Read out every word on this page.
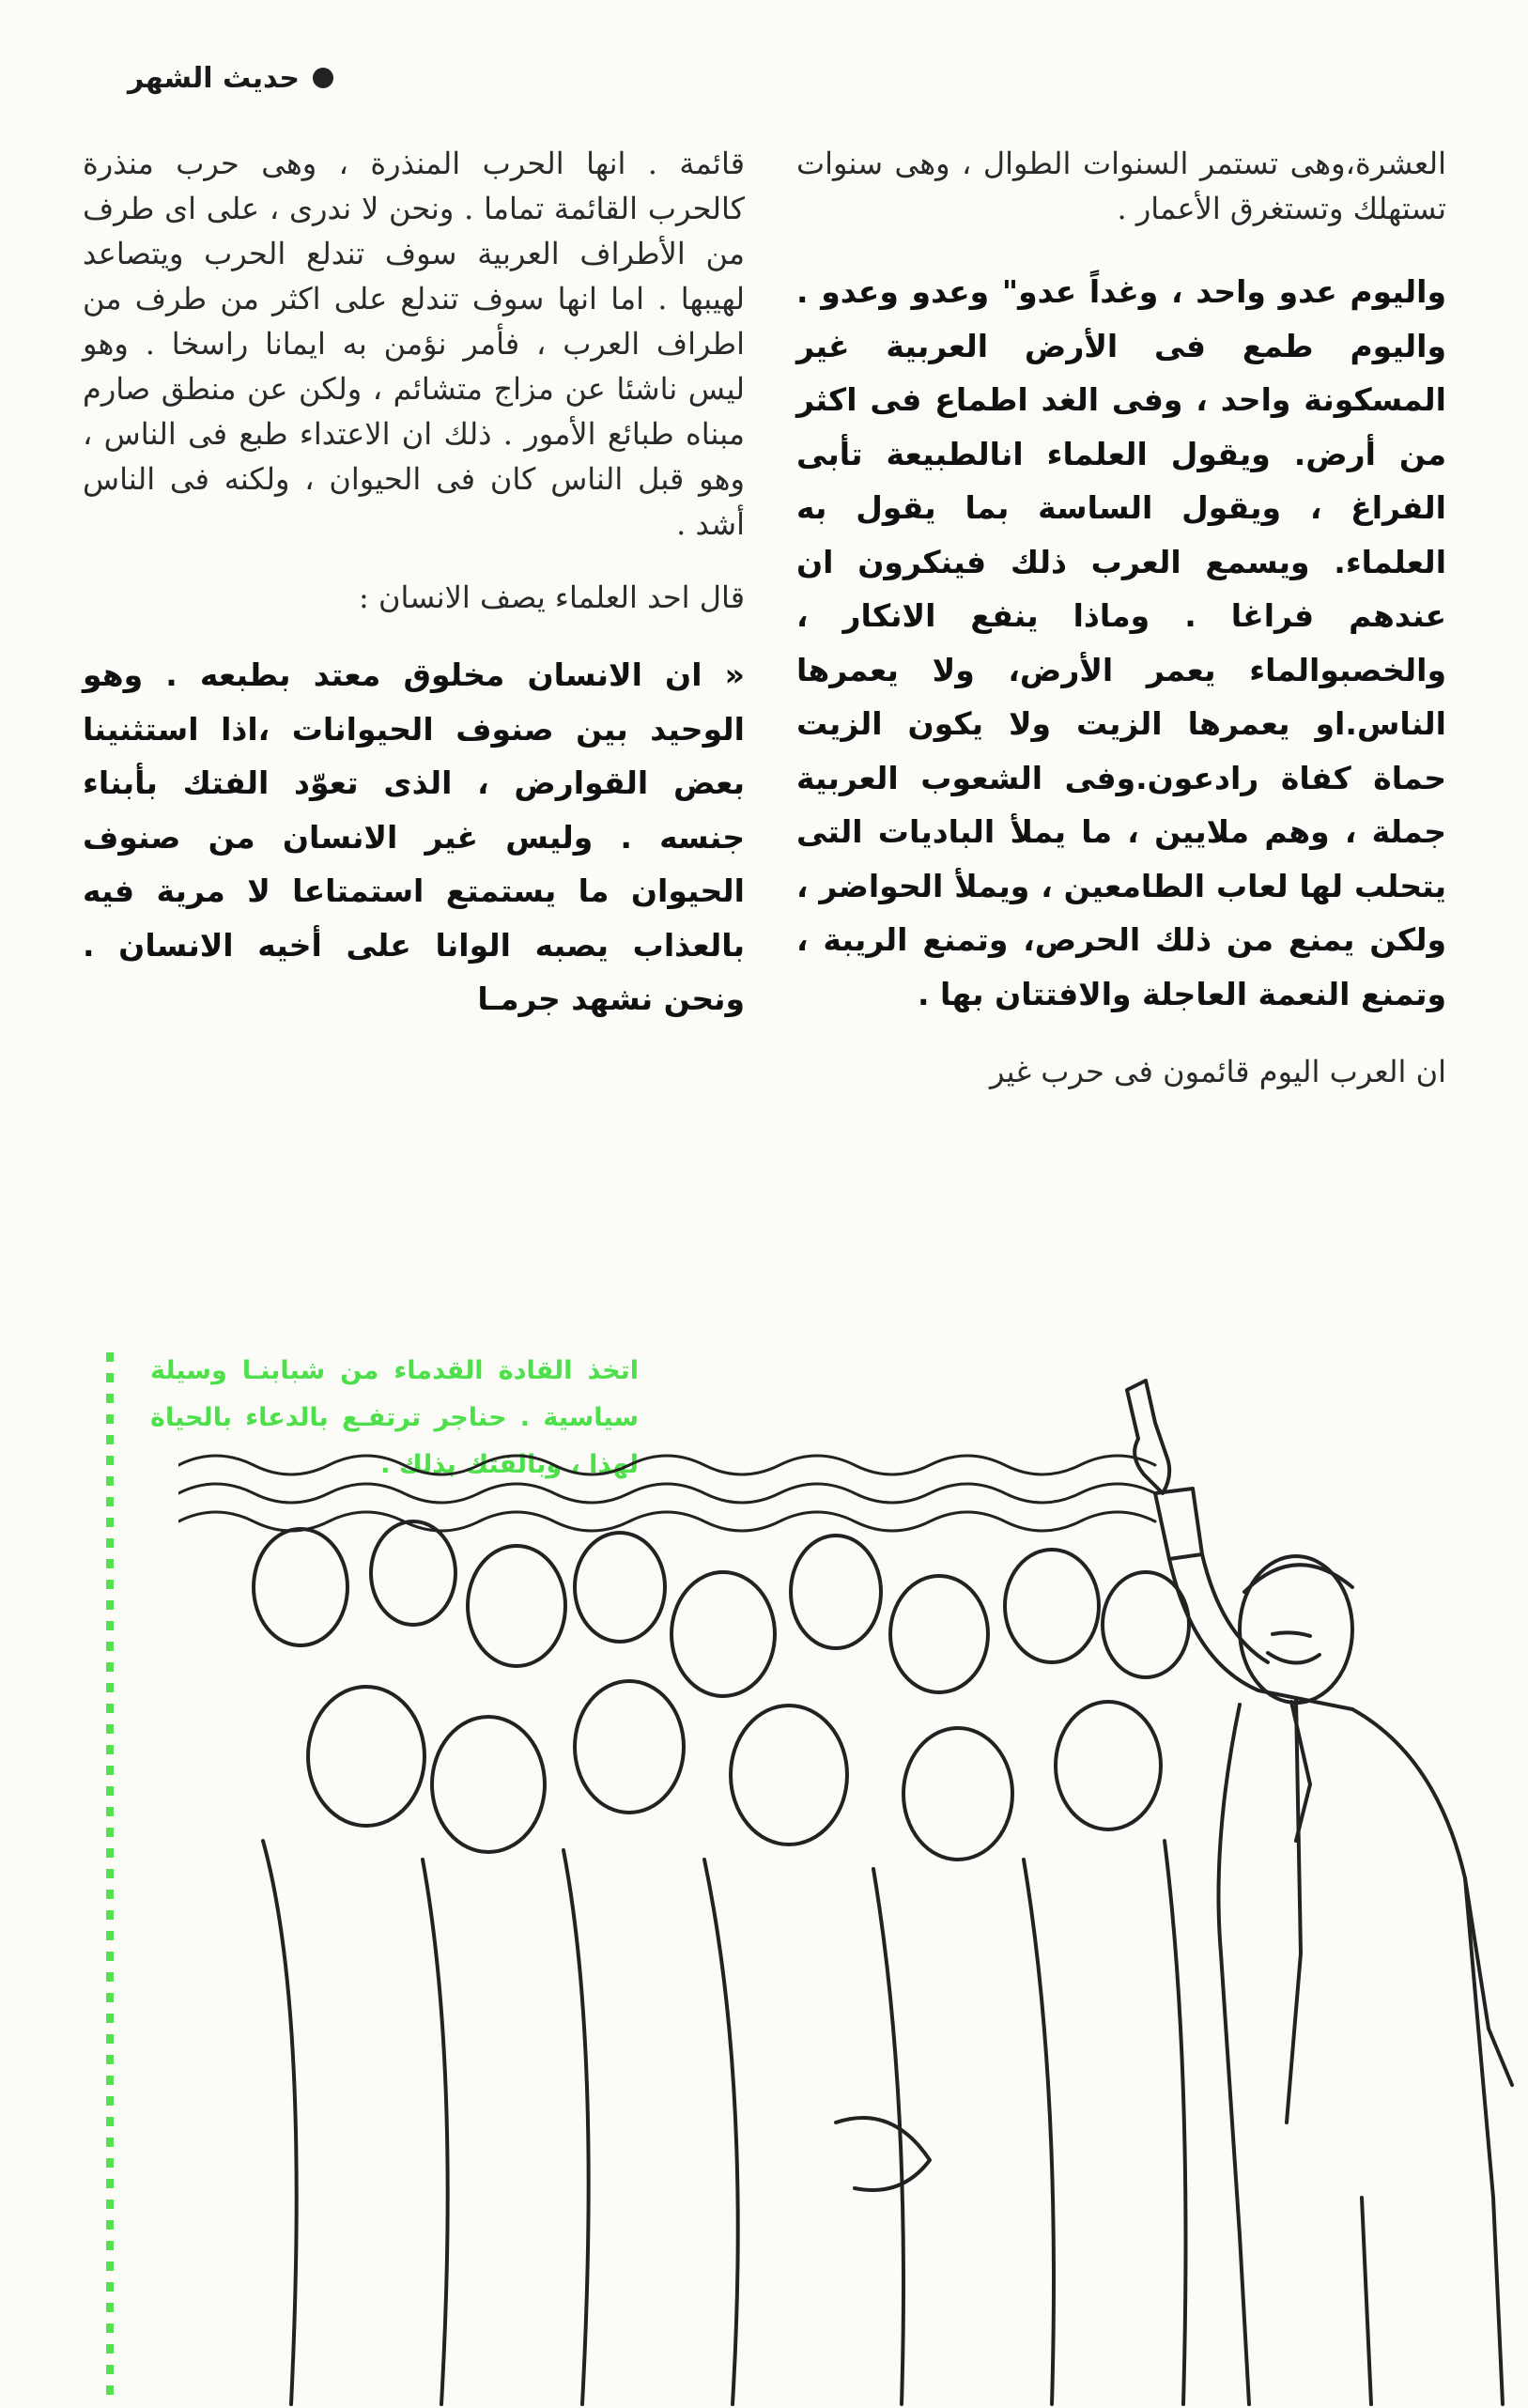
حديث الشهر

العشرة،وهى تستمر السنوات الطوال ، وهى سنوات تستهلك وتستغرق الأعمار .

واليوم عدو واحد ، وغداً عدو" وعدو وعدو . واليوم طمع فى الأرض العربية غير المسكونة واحد ، وفى الغد اطماع فى اكثر من أرض. ويقول العلماء انالطبيعة تأبى الفراغ ، ويقول الساسة بما يقول به العلماء. ويسمع العرب ذلك فينكرون ان عندهم فراغا . وماذا ينفع الانكار ، والخصبوالماء يعمر الأرض، ولا يعمرها الناس.او يعمرها الزيت ولا يكون الزيت حماة كفاة رادعون.وفى الشعوب العربية جملة ، وهم ملايين ، ما يملأ الباديات التى يتحلب لها لعاب الطامعين ، ويملأ الحواضر ، ولكن يمنع من ذلك الحرص، وتمنع الريبة ، وتمنع النعمة العاجلة والافتتان بها .

ان العرب اليوم قائمون فى حرب غير

قائمة . انها الحرب المنذرة ، وهى حرب منذرة كالحرب القائمة تماما . ونحن لا ندرى ، على اى طرف من الأطراف العربية سوف تندلع الحرب ويتصاعد لهيبها . اما انها سوف تندلع على اكثر من طرف من اطراف العرب ، فأمر نؤمن به ايمانا راسخا . وهو ليس ناشئا عن مزاج متشائم ، ولكن عن منطق صارم مبناه طبائع الأمور . ذلك ان الاعتداء طبع فى الناس ، وهو قبل الناس كان فى الحيوان ، ولكنه فى الناس أشد .

قال احد العلماء يصف الانسان :

« ان الانسان مخلوق معتد بطبعه . وهو الوحيد بين صنوف الحيوانات ،اذا استثنينا بعض القوارض ، الذى تعوّد الفتك بأبناء جنسه . وليس غير الانسان من صنوف الحيوان ما يستمتع استمتاعا لا مرية فيه بالعذاب يصبه الوانا على أخيه الانسان . ونحن نشهد جرمـا

اتخذ القادة القدماء من شبابنـا وسيلة سياسية . حناجر ترتفـع بالدعاء بالحياة لهذا ، وبالفتك بذلك .
